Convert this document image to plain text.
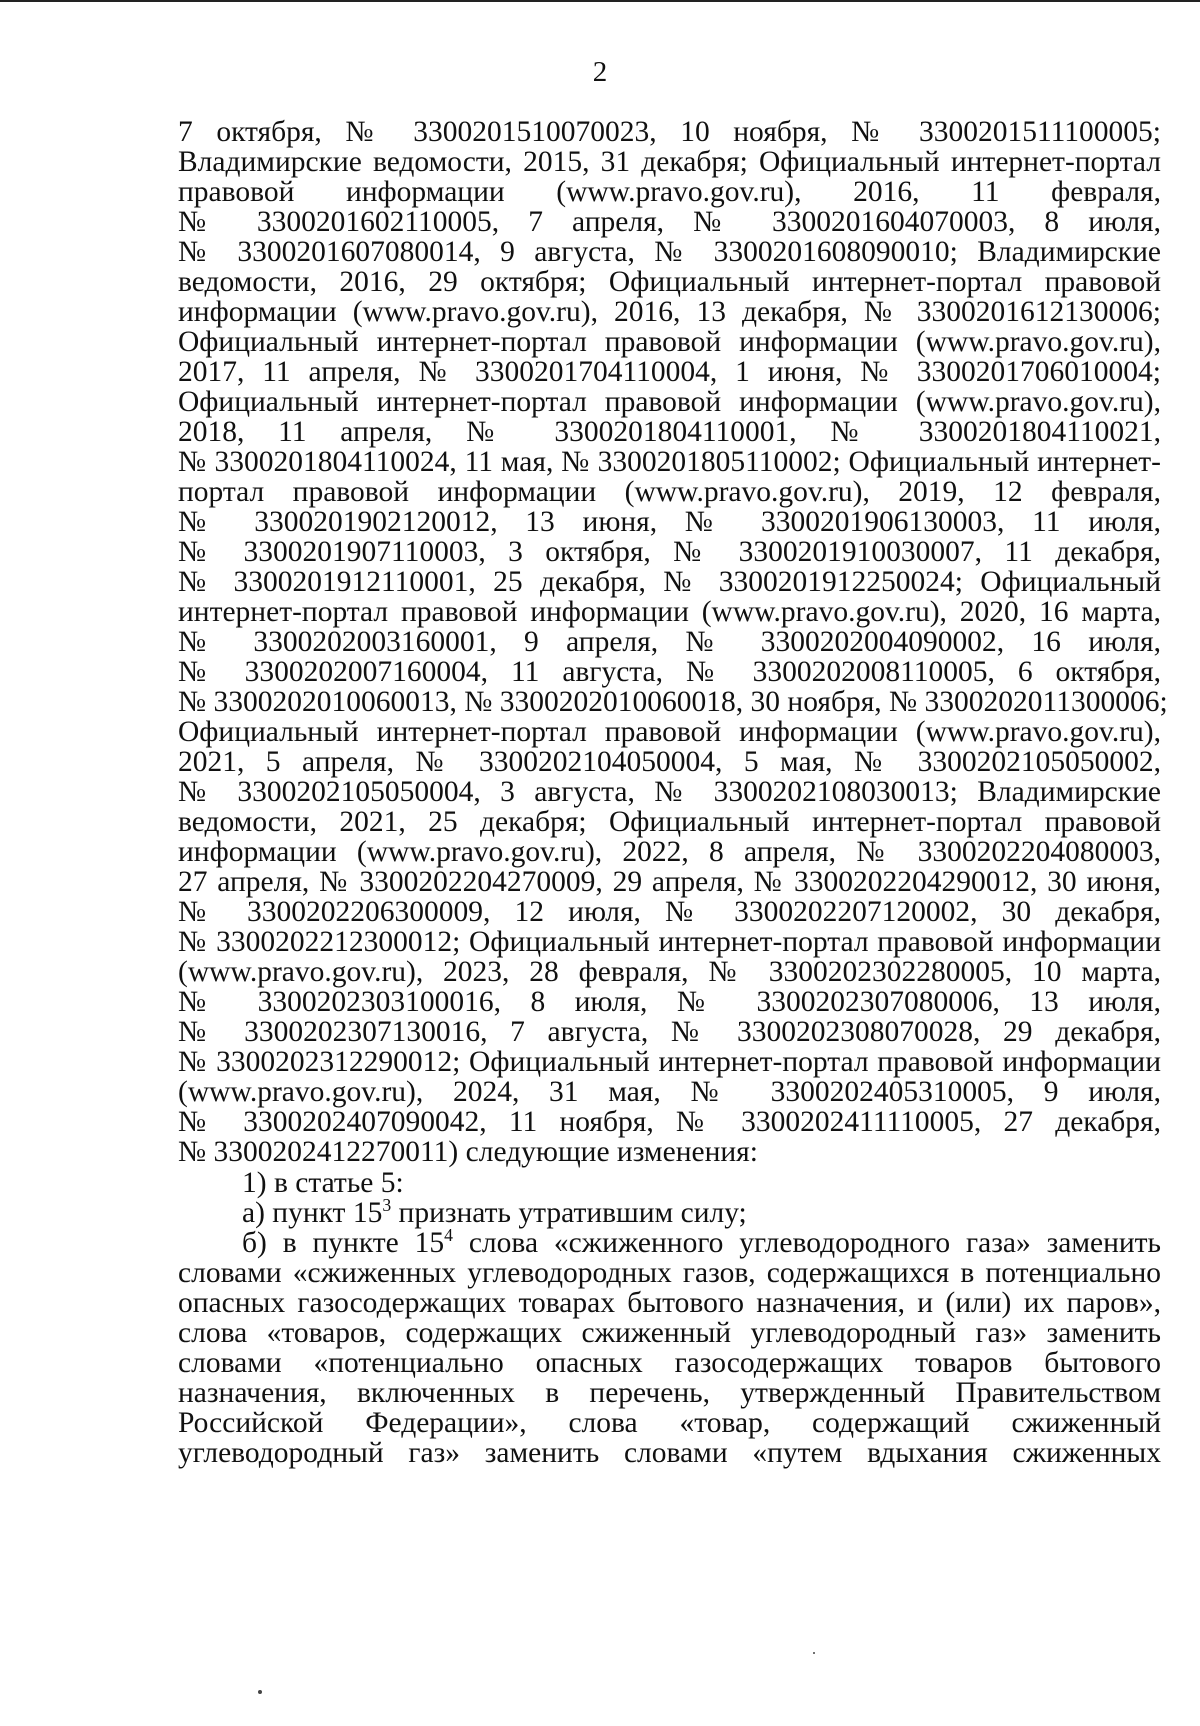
2
7 октября, № 3300201510070023, 10 ноября, № 3300201511100005;
Владимирские ведомости, 2015, 31 декабря; Официальный интернет-портал
правовой информации (www.pravo.gov.ru), 2016, 11 февраля,
№ 3300201602110005, 7 апреля, № 3300201604070003, 8 июля,
№ 3300201607080014, 9 августа, № 3300201608090010; Владимирские
ведомости, 2016, 29 октября; Официальный интернет-портал правовой
информации (www.pravo.gov.ru), 2016, 13 декабря, № 3300201612130006;
Официальный интернет-портал правовой информации (www.pravo.gov.ru),
2017, 11 апреля, № 3300201704110004, 1 июня, № 3300201706010004;
Официальный интернет-портал правовой информации (www.pravo.gov.ru),
2018, 11 апреля, № 3300201804110001, № 3300201804110021,
№ 3300201804110024, 11 мая, № 3300201805110002; Официальный интернет-
портал правовой информации (www.pravo.gov.ru), 2019, 12 февраля,
№ 3300201902120012, 13 июня, № 3300201906130003, 11 июля,
№ 3300201907110003, 3 октября, № 3300201910030007, 11 декабря,
№ 3300201912110001, 25 декабря, № 3300201912250024; Официальный
интернет-портал правовой информации (www.pravo.gov.ru), 2020, 16 марта,
№ 3300202003160001, 9 апреля, № 3300202004090002, 16 июля,
№ 3300202007160004, 11 августа, № 3300202008110005, 6 октября,
№ 3300202010060013, № 3300202010060018, 30 ноября, № 3300202011300006;
Официальный интернет-портал правовой информации (www.pravo.gov.ru),
2021, 5 апреля, № 3300202104050004, 5 мая, № 3300202105050002,
№ 3300202105050004, 3 августа, № 3300202108030013; Владимирские
ведомости, 2021, 25 декабря; Официальный интернет-портал правовой
информации (www.pravo.gov.ru), 2022, 8 апреля, № 3300202204080003,
27 апреля, № 3300202204270009, 29 апреля, № 3300202204290012, 30 июня,
№ 3300202206300009, 12 июля, № 3300202207120002, 30 декабря,
№ 3300202212300012; Официальный интернет-портал правовой информации
(www.pravo.gov.ru), 2023, 28 февраля, № 3300202302280005, 10 марта,
№ 3300202303100016, 8 июля, № 3300202307080006, 13 июля,
№ 3300202307130016, 7 августа, № 3300202308070028, 29 декабря,
№ 3300202312290012; Официальный интернет-портал правовой информации
(www.pravo.gov.ru), 2024, 31 мая, № 3300202405310005, 9 июля,
№ 3300202407090042, 11 ноября, № 3300202411110005, 27 декабря,
№ 3300202412270011) следующие изменения:
1) в статье 5:
а) пункт $15^3$ признать утратившим силу;
б) в пункте $15^4$ слова «сжиженного углеводородного газа» заменить
словами «сжиженных углеводородных газов, содержащихся в потенциально
опасных газосодержащих товарах бытового назначения, и (или) их паров»,
слова «товаров, содержащих сжиженный углеводородный газ» заменить
словами «потенциально опасных газосодержащих товаров бытового
назначения, включенных в перечень, утвержденный Правительством
Российской Федерации», слова «товар, содержащий сжиженный
углеводородный газ» заменить словами «путем вдыхания сжиженных
